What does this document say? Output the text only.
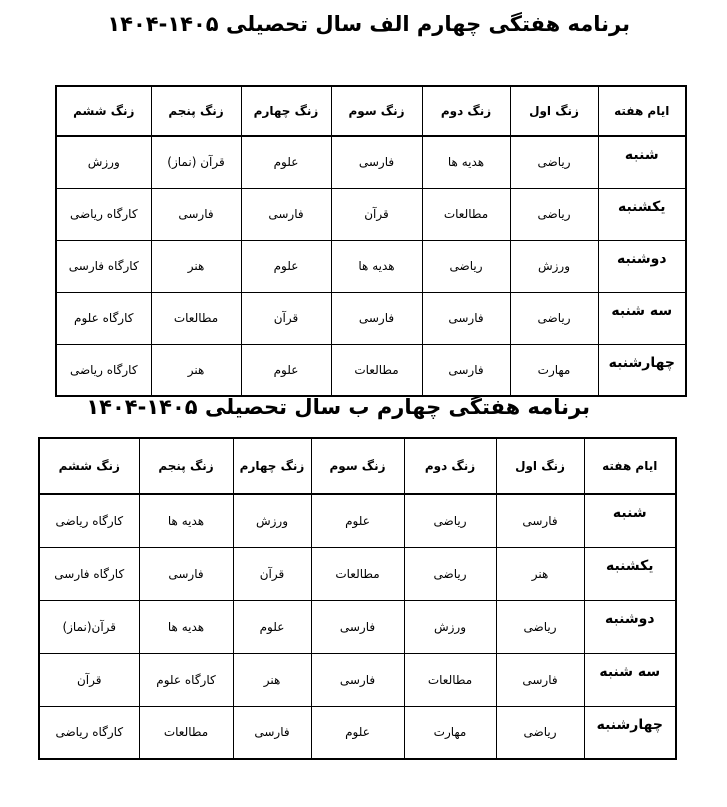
برنامه هفتگی چهارم الف سال تحصیلی ۱۴۰۵-۱۴۰۴
ایام هفته	زنگ اول	زنگ دوم	زنگ سوم	زنگ چهارم	زنگ پنجم	زنگ ششم
شنبه	ریاضی	هدیه ها	فارسی	علوم	قرآن (نماز)	ورزش
یکشنبه	ریاضی	مطالعات	قرآن	فارسی	فارسی	کارگاه ریاضی
دوشنبه	ورزش	ریاضی	هدیه ها	علوم	هنر	کارگاه فارسی
سه شنبه	ریاضی	فارسی	فارسی	قرآن	مطالعات	کارگاه علوم
چهارشنبه	مهارت	فارسی	مطالعات	علوم	هنر	کارگاه ریاضی
برنامه هفتگی چهارم ب سال تحصیلی ۱۴۰۵-۱۴۰۴
ایام هفته	زنگ اول	زنگ دوم	زنگ سوم	زنگ چهارم	زنگ پنجم	زنگ ششم
شنبه	فارسی	ریاضی	علوم	ورزش	هدیه ها	کارگاه ریاضی
یکشنبه	هنر	ریاضی	مطالعات	قرآن	فارسی	کارگاه فارسی
دوشنبه	ریاضی	ورزش	فارسی	علوم	هدیه ها	قرآن(نماز)
سه شنبه	فارسی	مطالعات	فارسی	هنر	کارگاه علوم	قرآن
چهارشنبه	ریاضی	مهارت	علوم	فارسی	مطالعات	کارگاه ریاضی
